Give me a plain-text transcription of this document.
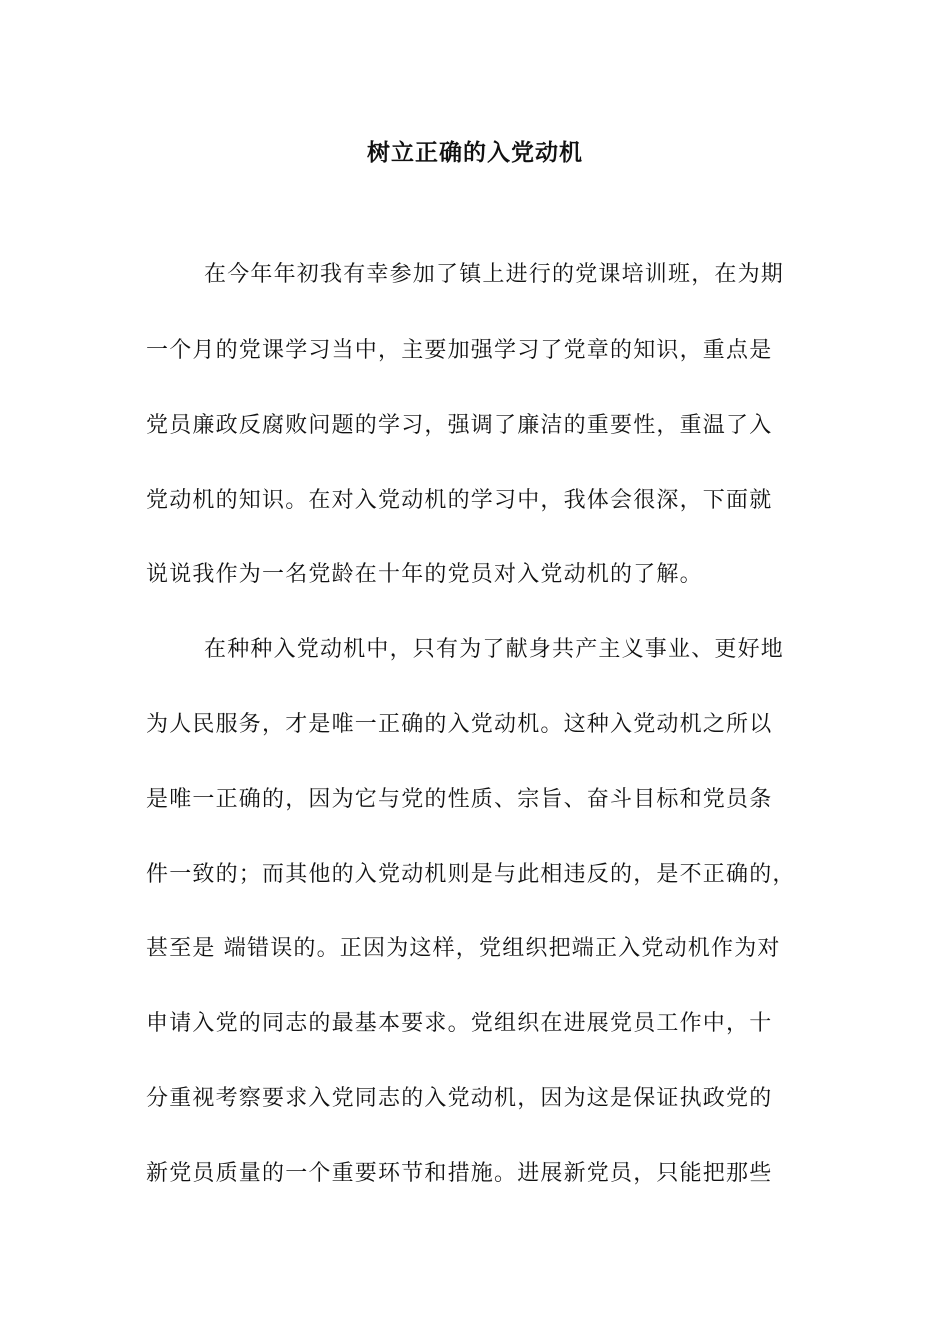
树立正确的入党动机
在今年年初我有幸参加了镇上进行的党课培训班，在为期
一个月的党课学习当中，主要加强学习了党章的知识，重点是
党员廉政反腐败问题的学习，强调了廉洁的重要性，重温了入
党动机的知识。在对入党动机的学习中，我体会很深，下面就
说说我作为一名党龄在十年的党员对入党动机的了解。
在种种入党动机中，只有为了献身共产主义事业、更好地
为人民服务，才是唯一正确的入党动机。这种入党动机之所以
是唯一正确的，因为它与党的性质、宗旨、奋斗目标和党员条
件一致的；而其他的入党动机则是与此相违反的，是不正确的，
甚至是 端错误的。正因为这样，党组织把端正入党动机作为对
申请入党的同志的最基本要求。党组织在进展党员工作中，十
分重视考察要求入党同志的入党动机，因为这是保证执政党的
新党员质量的一个重要环节和措施。进展新党员，只能把那些
